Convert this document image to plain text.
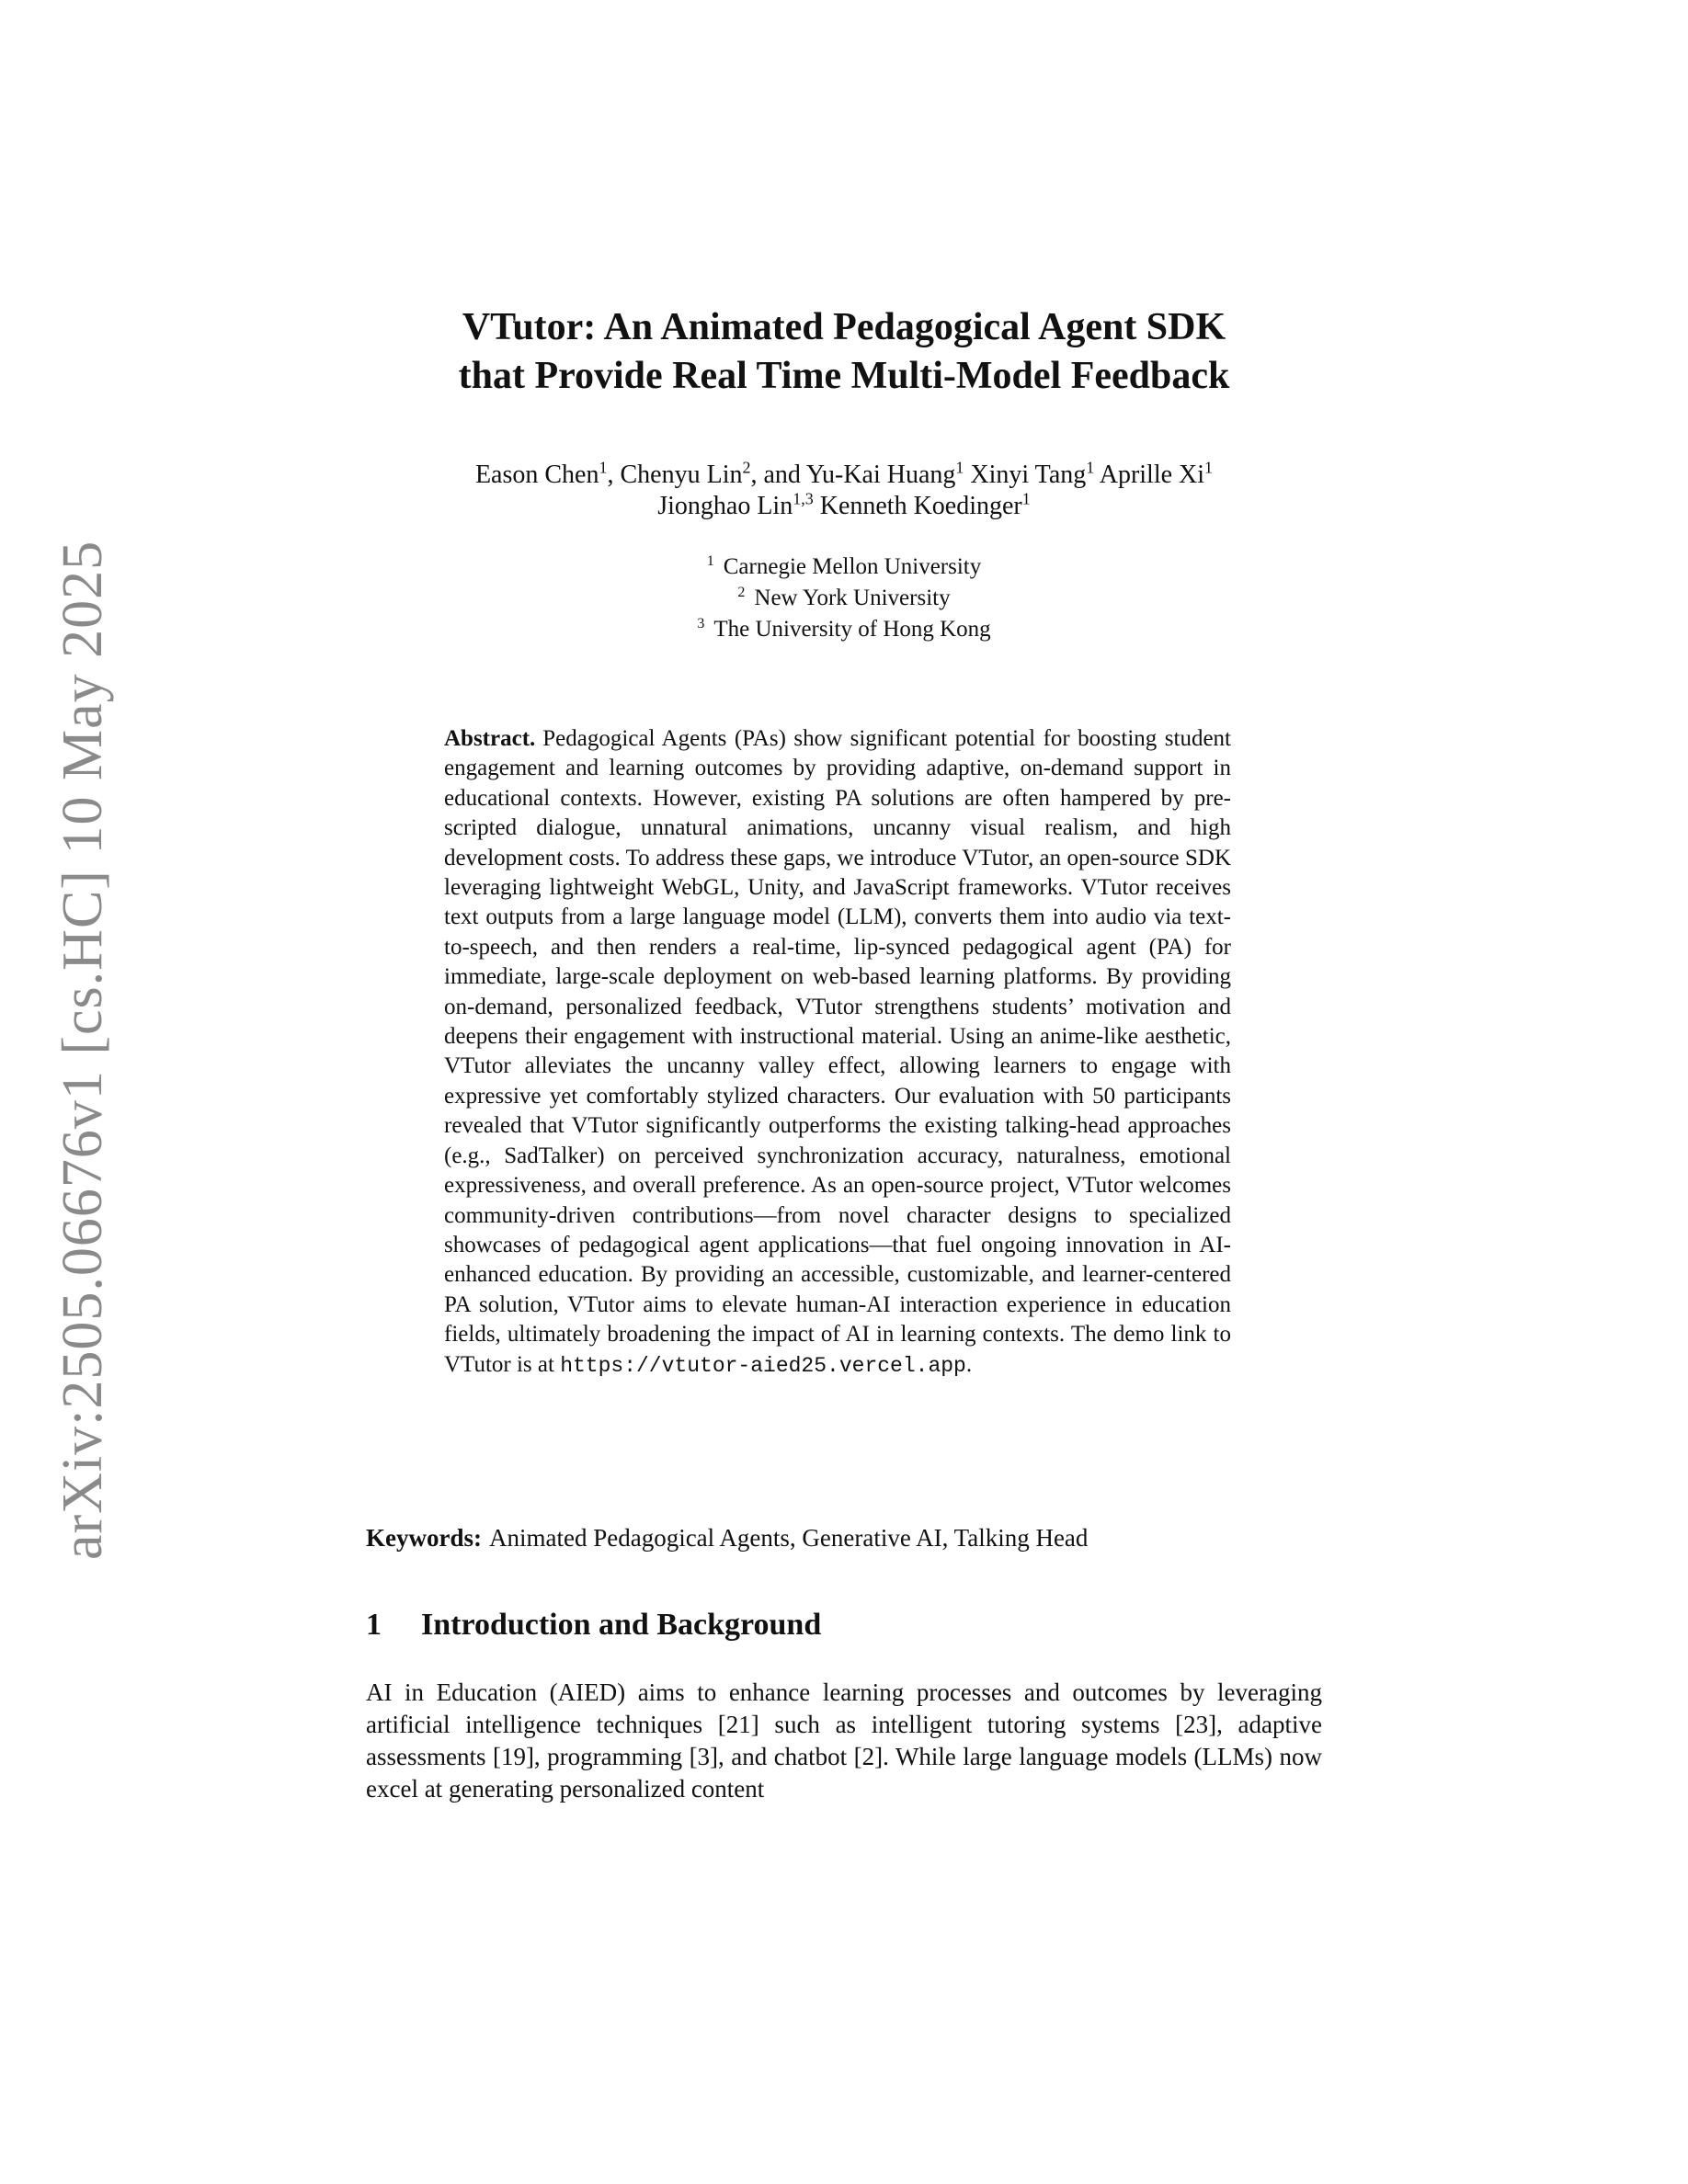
arXiv:2505.06676v1 [cs.HC] 10 May 2025
VTutor: An Animated Pedagogical Agent SDK
that Provide Real Time Multi-Model Feedback
Eason Chen$^1$, Chenyu Lin$^2$, and Yu-Kai Huang$^1$ Xinyi Tang$^1$ Aprille Xi$^1$
Jionghao Lin$^{1,3}$ Kenneth Koedinger$^1$
$^1$ Carnegie Mellon University
$^2$ New York University
$^3$ The University of Hong Kong
Abstract. Pedagogical Agents (PAs) show significant potential for boosting student engagement and learning outcomes by providing adaptive, on-demand support in educational contexts. However, existing PA solutions are often hampered by pre-scripted dialogue, unnatural animations, uncanny visual realism, and high development costs. To address these gaps, we introduce VTutor, an open-source SDK leveraging lightweight WebGL, Unity, and JavaScript frameworks. VTutor receives text outputs from a large language model (LLM), converts them into audio via text-to-speech, and then renders a real-time, lip-synced pedagogical agent (PA) for immediate, large-scale deployment on web-based learning platforms. By providing on-demand, personalized feedback, VTutor strengthens students’ motivation and deepens their engagement with instructional material. Using an anime-like aesthetic, VTutor alleviates the uncanny valley effect, allowing learners to engage with expressive yet comfortably stylized characters. Our evaluation with 50 participants revealed that VTutor significantly outperforms the existing talking-head approaches (e.g., SadTalker) on perceived synchronization accuracy, naturalness, emotional expressiveness, and overall preference. As an open-source project, VTutor welcomes community-driven contributions—from novel character designs to specialized showcases of pedagogical agent applications—that fuel ongoing innovation in AI-enhanced education. By providing an accessible, customizable, and learner-centered PA solution, VTutor aims to elevate human-AI interaction experience in education fields, ultimately broadening the impact of AI in learning contexts. The demo link to VTutor is at https://vtutor-aied25.vercel.app.
Keywords: Animated Pedagogical Agents, Generative AI, Talking Head
1 Introduction and Background
AI in Education (AIED) aims to enhance learning processes and outcomes by leveraging artificial intelligence techniques [21] such as intelligent tutoring systems [23], adaptive assessments [19], programming [3], and chatbot [2]. While large language models (LLMs) now excel at generating personalized content
